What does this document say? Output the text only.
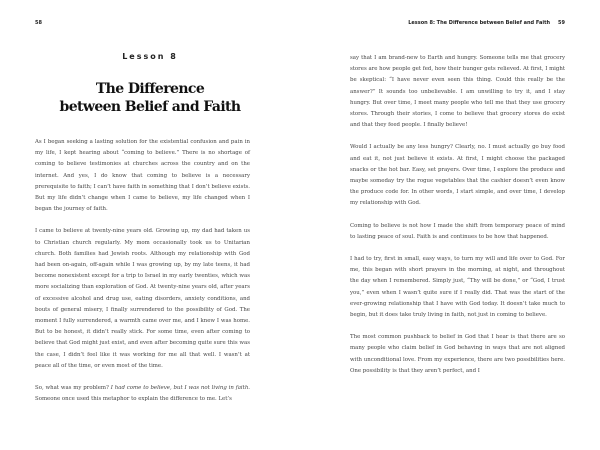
58
Lesson 8
The Difference
between Belief and Faith

As I began seeking a lasting solution for the existential confusion and pain in my life, I kept hearing about “coming to believe.” There is no shortage of coming to believe testimonies at churches across the country and on the internet. And yes, I do know that coming to believe is a necessary prerequisite to faith; I can’t have faith in something that I don’t believe exists. But my life didn’t change when I came to believe, my life changed when I began the journey of faith.

I came to believe at twenty-nine years old. Growing up, my dad had taken us to Christian church regularly. My mom occasionally took us to Unitarian church. Both families had Jewish roots. Although my relationship with God had been on-again, off-again while I was growing up, by my late teens, it had become nonexistent except for a trip to Israel in my early twenties, which was more socializing than exploration of God. At twenty-nine years old, after years of excessive alcohol and drug use, eating disorders, anxiety conditions, and bouts of general misery, I finally surrendered to the possibility of God. The moment I fully surrendered, a warmth came over me, and I knew I was home. But to be honest, it didn’t really stick. For some time, even after coming to believe that God might just exist, and even after becoming quite sure this was the case, I didn’t feel like it was working for me all that well. I wasn’t at peace all of the time, or even most of the time.

So, what was my problem? I had come to believe, but I was not living in faith. Someone once used this metaphor to explain the difference to me. Let’s

Lesson 8: The Difference between Belief and Faith 59

say that I am brand-new to Earth and hungry. Someone tells me that grocery stores are how people get fed, how their hunger gets relieved. At first, I might be skeptical: “I have never even seen this thing. Could this really be the answer?” It sounds too unbelievable. I am unwilling to try it, and I stay hungry. But over time, I meet many people who tell me that they use grocery stores. Through their stories, I come to believe that grocery stores do exist and that they feed people. I finally believe!

Would I actually be any less hungry? Clearly, no. I must actually go buy food and eat it, not just believe it exists. At first, I might choose the packaged snacks or the hot bar. Easy, set prayers. Over time, I explore the produce and maybe someday try the rogue vegetables that the cashier doesn’t even know the produce code for. In other words, I start simple, and over time, I develop my relationship with God.

Coming to believe is not how I made the shift from temporary peace of mind to lasting peace of soul. Faith is and continues to be how that happened.

I had to try, first in small, easy ways, to turn my will and life over to God. For me, this began with short prayers in the morning, at night, and throughout the day when I remembered. Simply just, “Thy will be done,” or “God, I trust you,” even when I wasn’t quite sure if I really did. That was the start of the ever-growing relationship that I have with God today. It doesn’t take much to begin, but it does take truly living in faith, not just in coming to believe.

The most common pushback to belief in God that I hear is that there are so many people who claim belief in God behaving in ways that are not aligned with unconditional love. From my experience, there are two possibilities here. One possibility is that they aren’t perfect, and I
